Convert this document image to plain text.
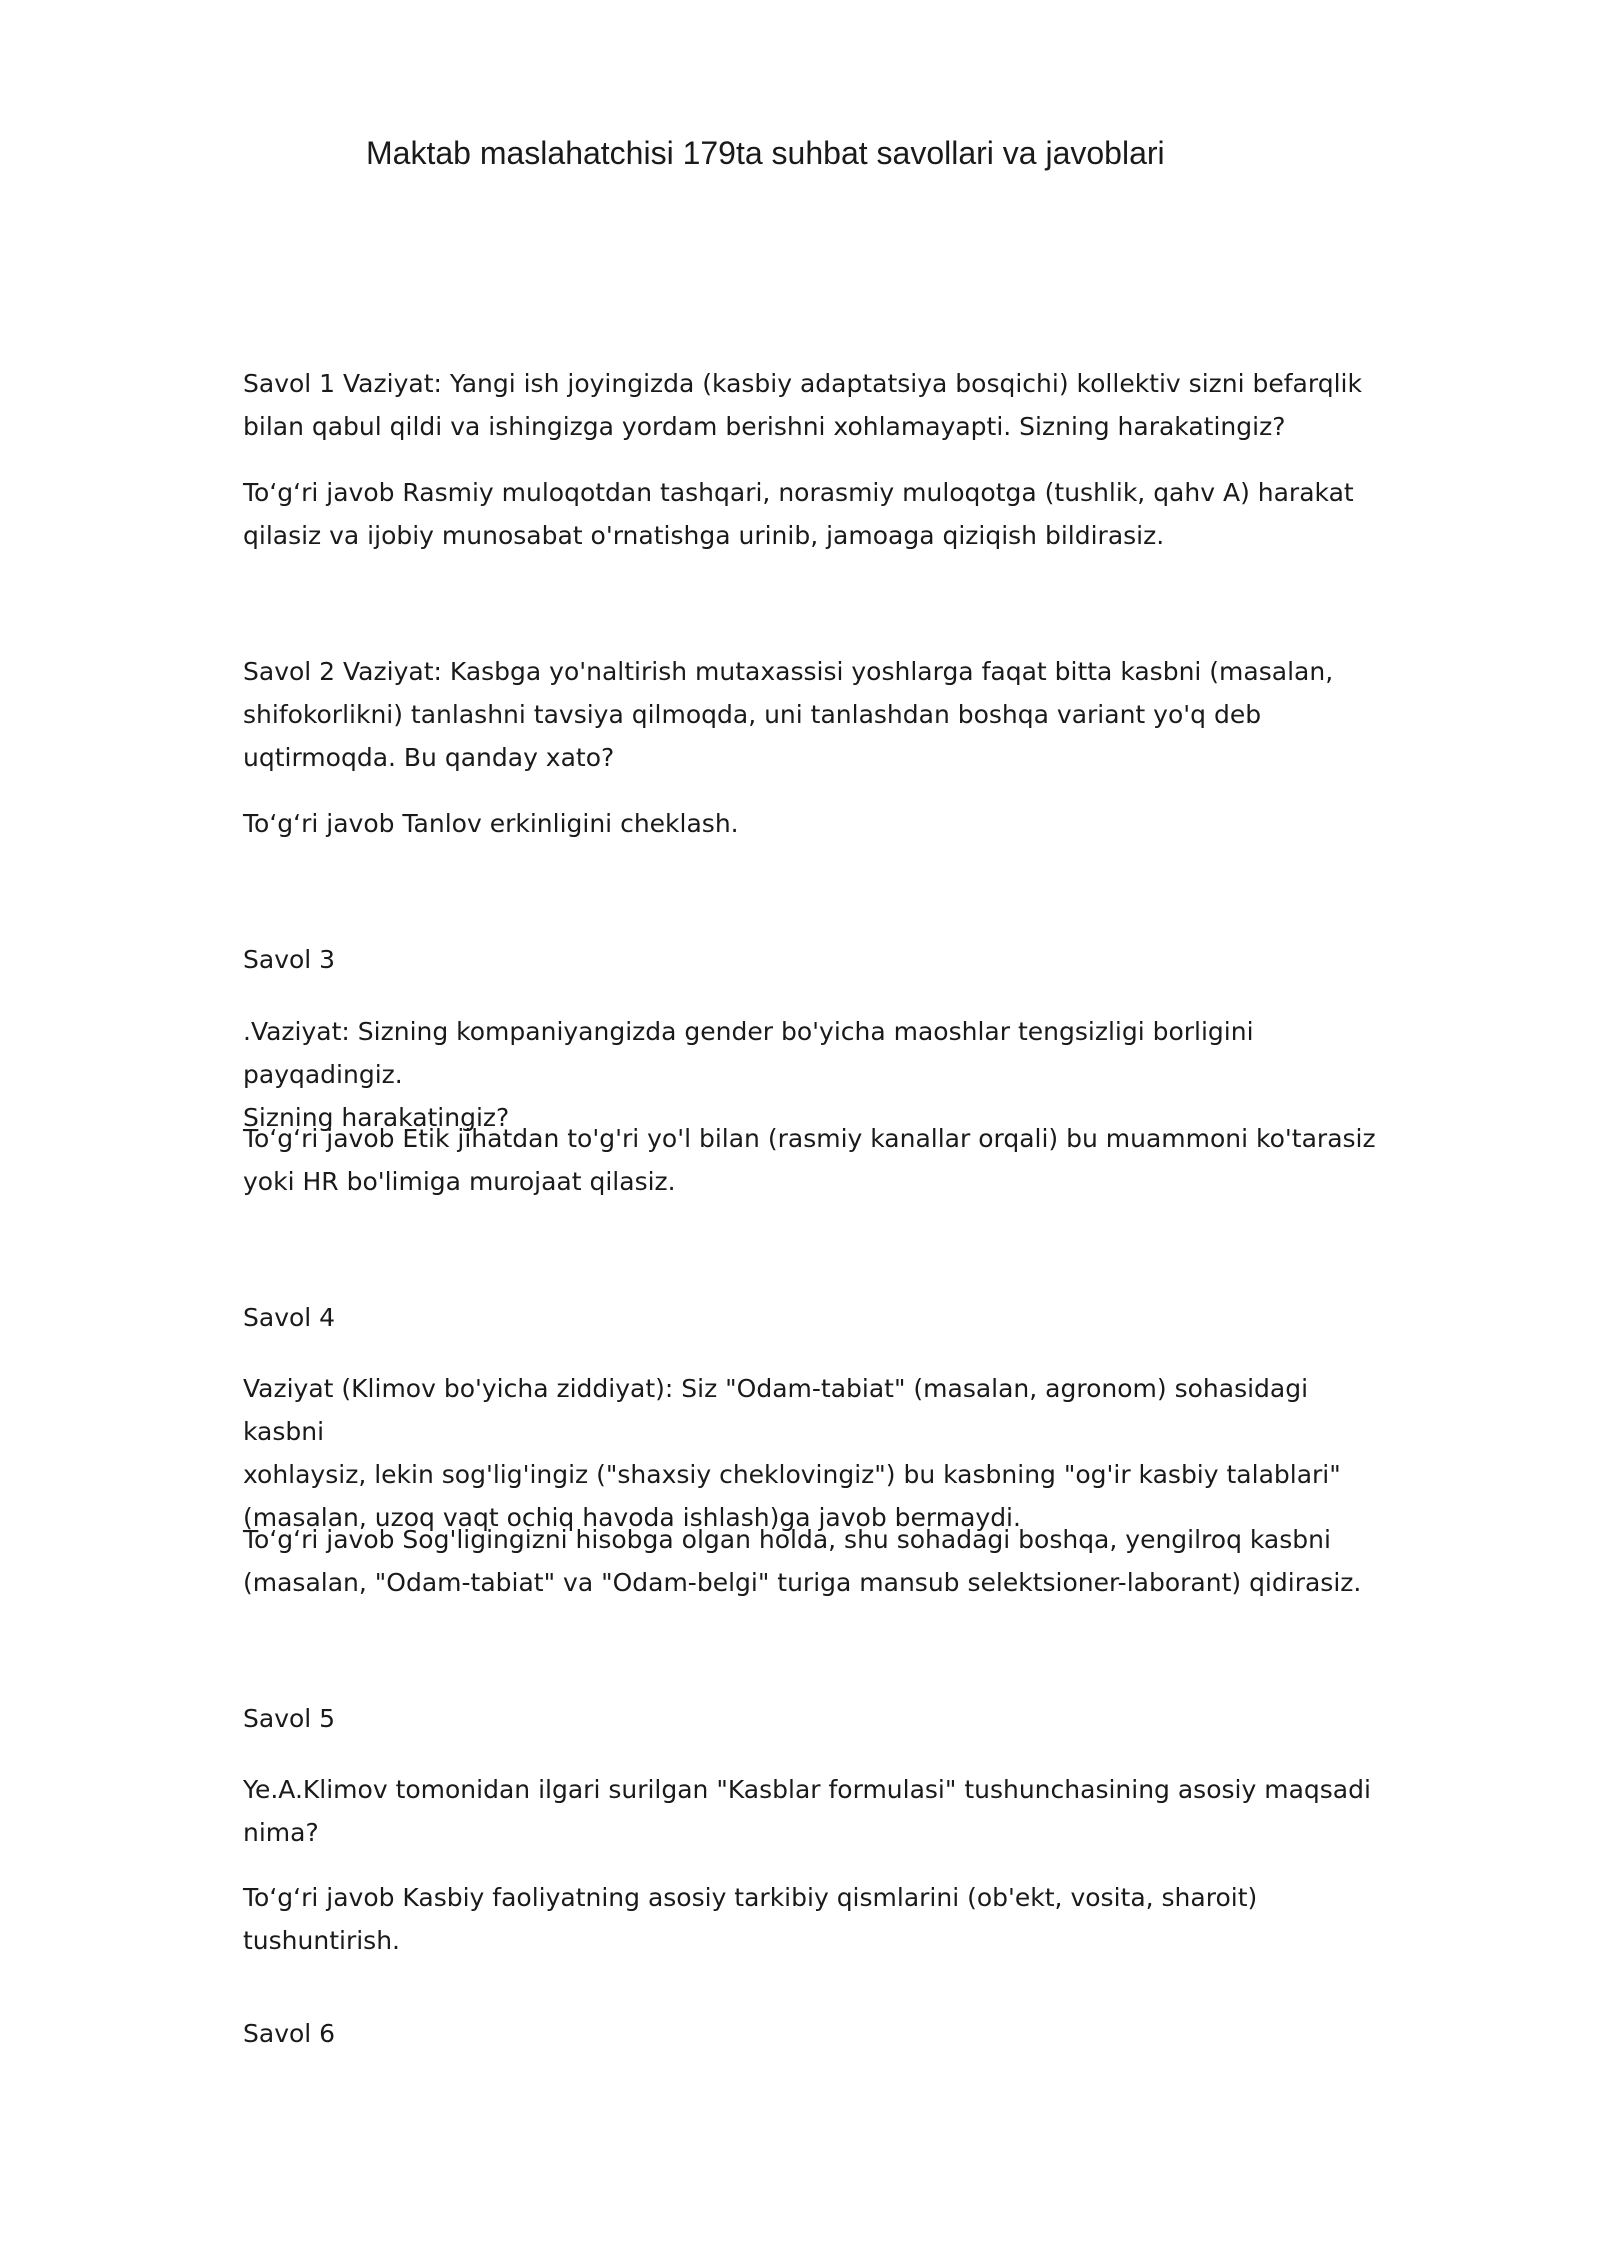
Maktab maslahatchisi 179ta suhbat savollari va javoblari

Savol 1 Vaziyat: Yangi ish joyingizda (kasbiy adaptatsiya bosqichi) kollektiv sizni befarqlik

bilan qabul qildi va ishingizga yordam berishni xohlamayapti. Sizning harakatingiz?

To‘g‘ri javob Rasmiy muloqotdan tashqari, norasmiy muloqotga (tushlik, qahv A) harakat

qilasiz va ijobiy munosabat o'rnatishga urinib, jamoaga qiziqish bildirasiz.

Savol 2 Vaziyat: Kasbga yo'naltirish mutaxassisi yoshlarga faqat bitta kasbni (masalan,

shifokorlikni) tanlashni tavsiya qilmoqda, uni tanlashdan boshqa variant yo'q deb

uqtirmoqda. Bu qanday xato?

To‘g‘ri javob Tanlov erkinligini cheklash.

Savol 3

.Vaziyat: Sizning kompaniyangizda gender bo'yicha maoshlar tengsizligi borligini payqadingiz.

Sizning harakatingiz?

To‘g‘ri javob Etik jihatdan to'g'ri yo'l bilan (rasmiy kanallar orqali) bu muammoni ko'tarasiz

yoki HR bo'limiga murojaat qilasiz.

Savol 4

Vaziyat (Klimov bo'yicha ziddiyat): Siz "Odam-tabiat" (masalan, agronom) sohasidagi kasbni

xohlaysiz, lekin sog'lig'ingiz ("shaxsiy cheklovingiz") bu kasbning "og'ir kasbiy talablari"

(masalan, uzoq vaqt ochiq havoda ishlash)ga javob bermaydi.

To‘g‘ri javob Sog'ligingizni hisobga olgan holda, shu sohadagi boshqa, yengilroq kasbni

(masalan, "Odam-tabiat" va "Odam-belgi" turiga mansub selektsioner-laborant) qidirasiz.

Savol 5

Ye.A.Klimov tomonidan ilgari surilgan "Kasblar formulasi" tushunchasining asosiy maqsadi

nima?

To‘g‘ri javob Kasbiy faoliyatning asosiy tarkibiy qismlarini (ob'ekt, vosita, sharoit) tushuntirish.

Savol 6
